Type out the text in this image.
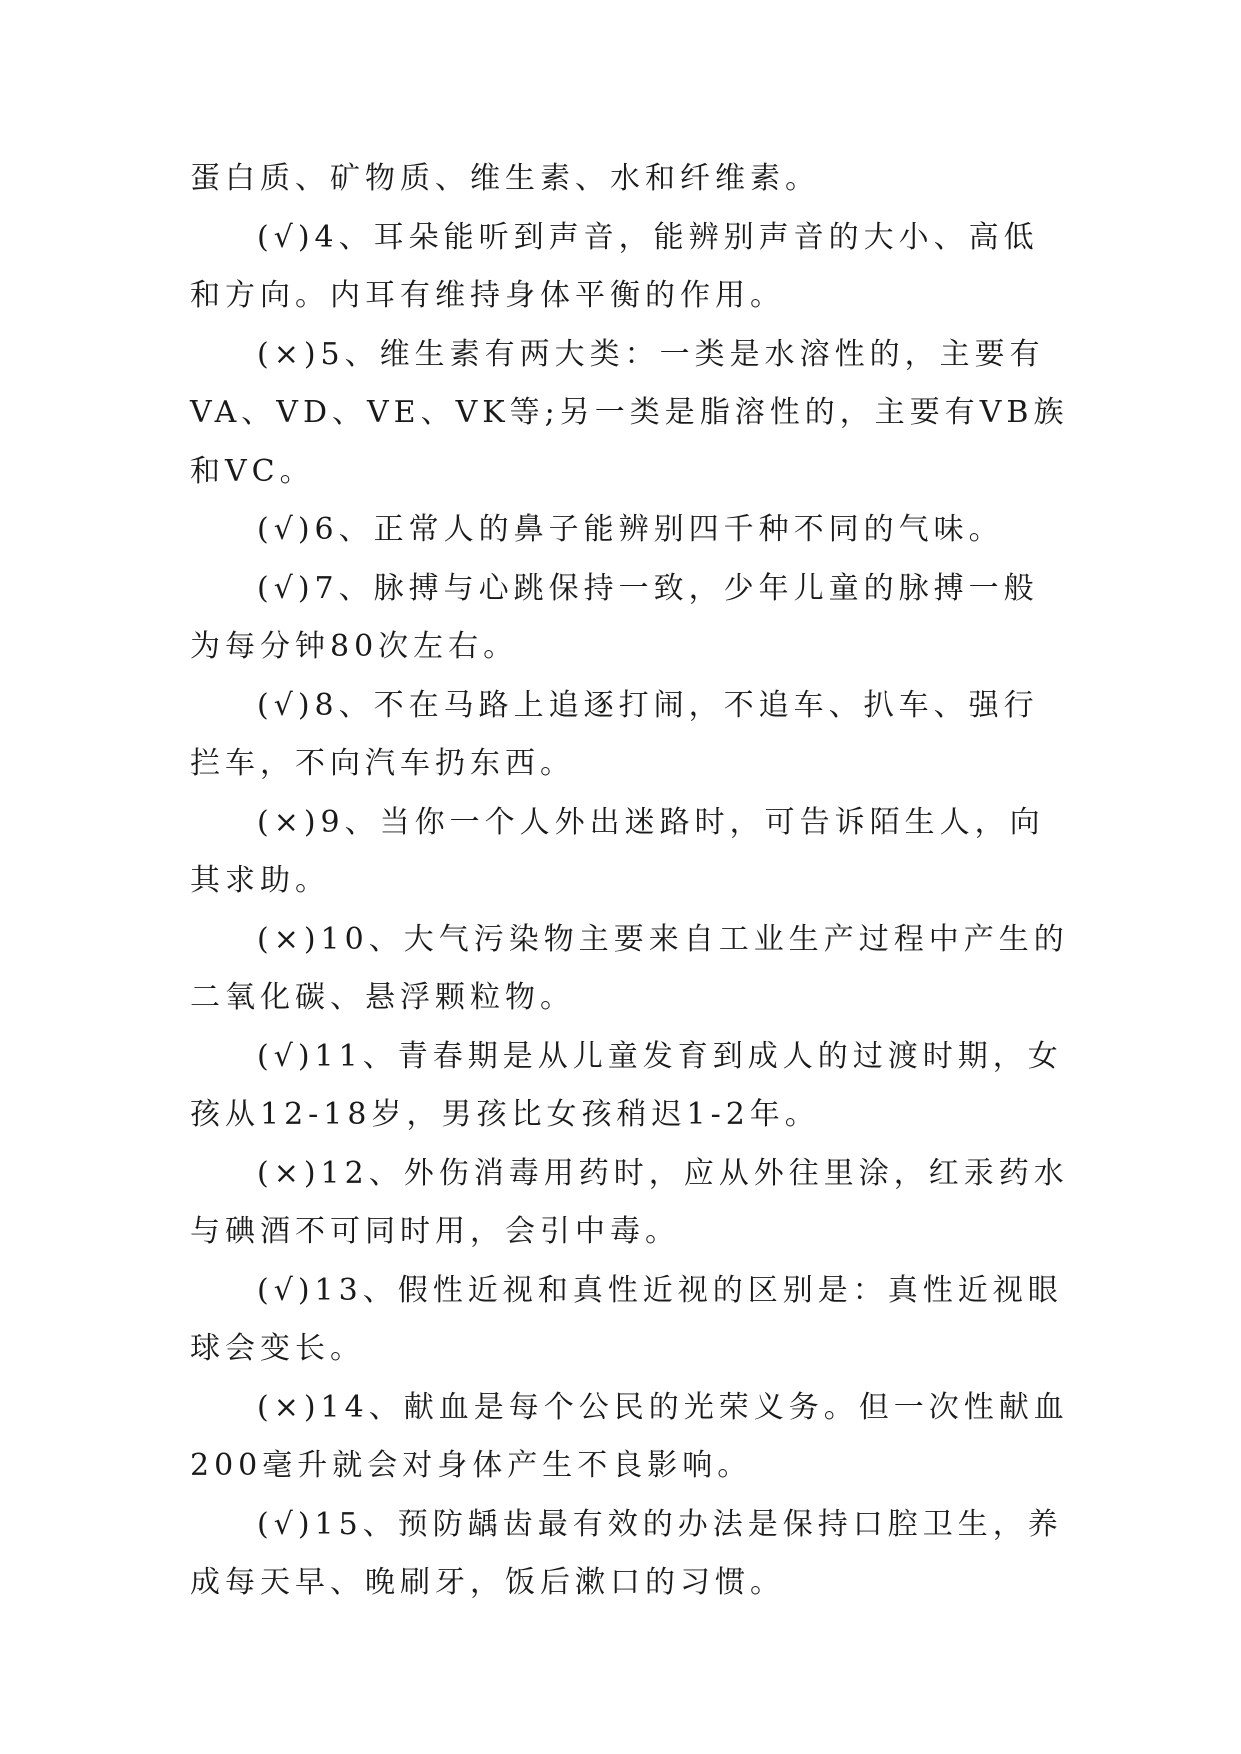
蛋白质、矿物质、维生素、水和纤维素。

(√)4、耳朵能听到声音，能辨别声音的大小、高低和方向。内耳有维持身体平衡的作用。

(×)5、维生素有两大类：一类是水溶性的，主要有VA、VD、VE、VK等;另一类是脂溶性的，主要有VB族和VC。

(√)6、正常人的鼻子能辨别四千种不同的气味。

(√)7、脉搏与心跳保持一致，少年儿童的脉搏一般为每分钟80次左右。

(√)8、不在马路上追逐打闹，不追车、扒车、强行拦车，不向汽车扔东西。

(×)9、当你一个人外出迷路时，可告诉陌生人，向其求助。

(×)10、大气污染物主要来自工业生产过程中产生的二氧化碳、悬浮颗粒物。

(√)11、青春期是从儿童发育到成人的过渡时期，女孩从12-18岁，男孩比女孩稍迟1-2年。

(×)12、外伤消毒用药时，应从外往里涂，红汞药水与碘酒不可同时用，会引中毒。

(√)13、假性近视和真性近视的区别是：真性近视眼球会变长。

(×)14、献血是每个公民的光荣义务。但一次性献血200毫升就会对身体产生不良影响。

(√)15、预防龋齿最有效的办法是保持口腔卫生，养成每天早、晚刷牙，饭后漱口的习惯。
